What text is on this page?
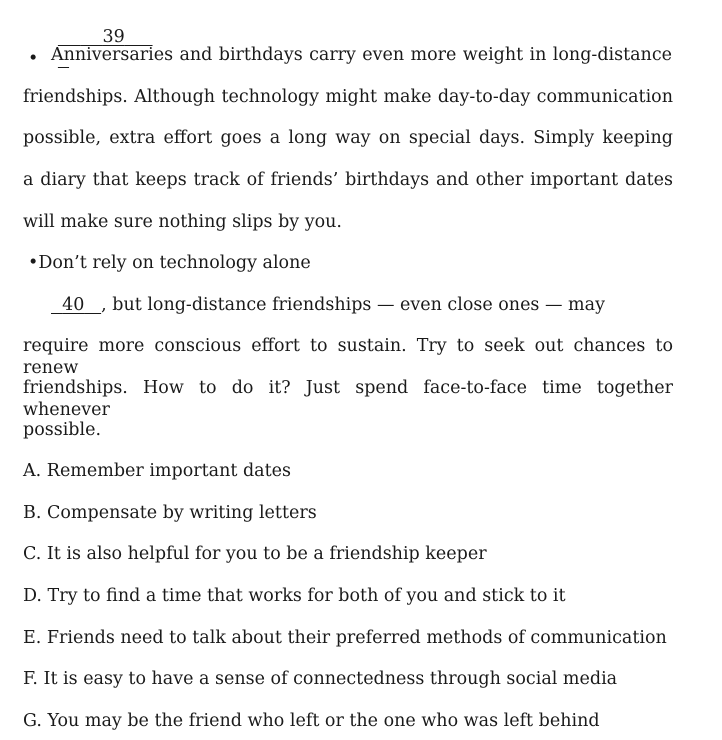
•
39

Anniversaries and birthdays carry even more weight in long-distance
friendships. Although technology might make day-to-day communication
possible, extra effort goes a long way on special days. Simply keeping
a diary that keeps track of friends’ birthdays and other important dates
will make sure nothing slips by you.
•Don’t rely on technology alone
40 , but long-distance friendships — even close ones — may
require more conscious effort to sustain. Try to seek out chances to renew
friendships. How to do it? Just spend face-to-face time together whenever
possible.
A. Remember important dates
B. Compensate by writing letters
C. It is also helpful for you to be a friendship keeper
D. Try to find a time that works for both of you and stick to it
E. Friends need to talk about their preferred methods of communication
F. It is easy to have a sense of connectedness through social media
G. You may be the friend who left or the one who was left behind
